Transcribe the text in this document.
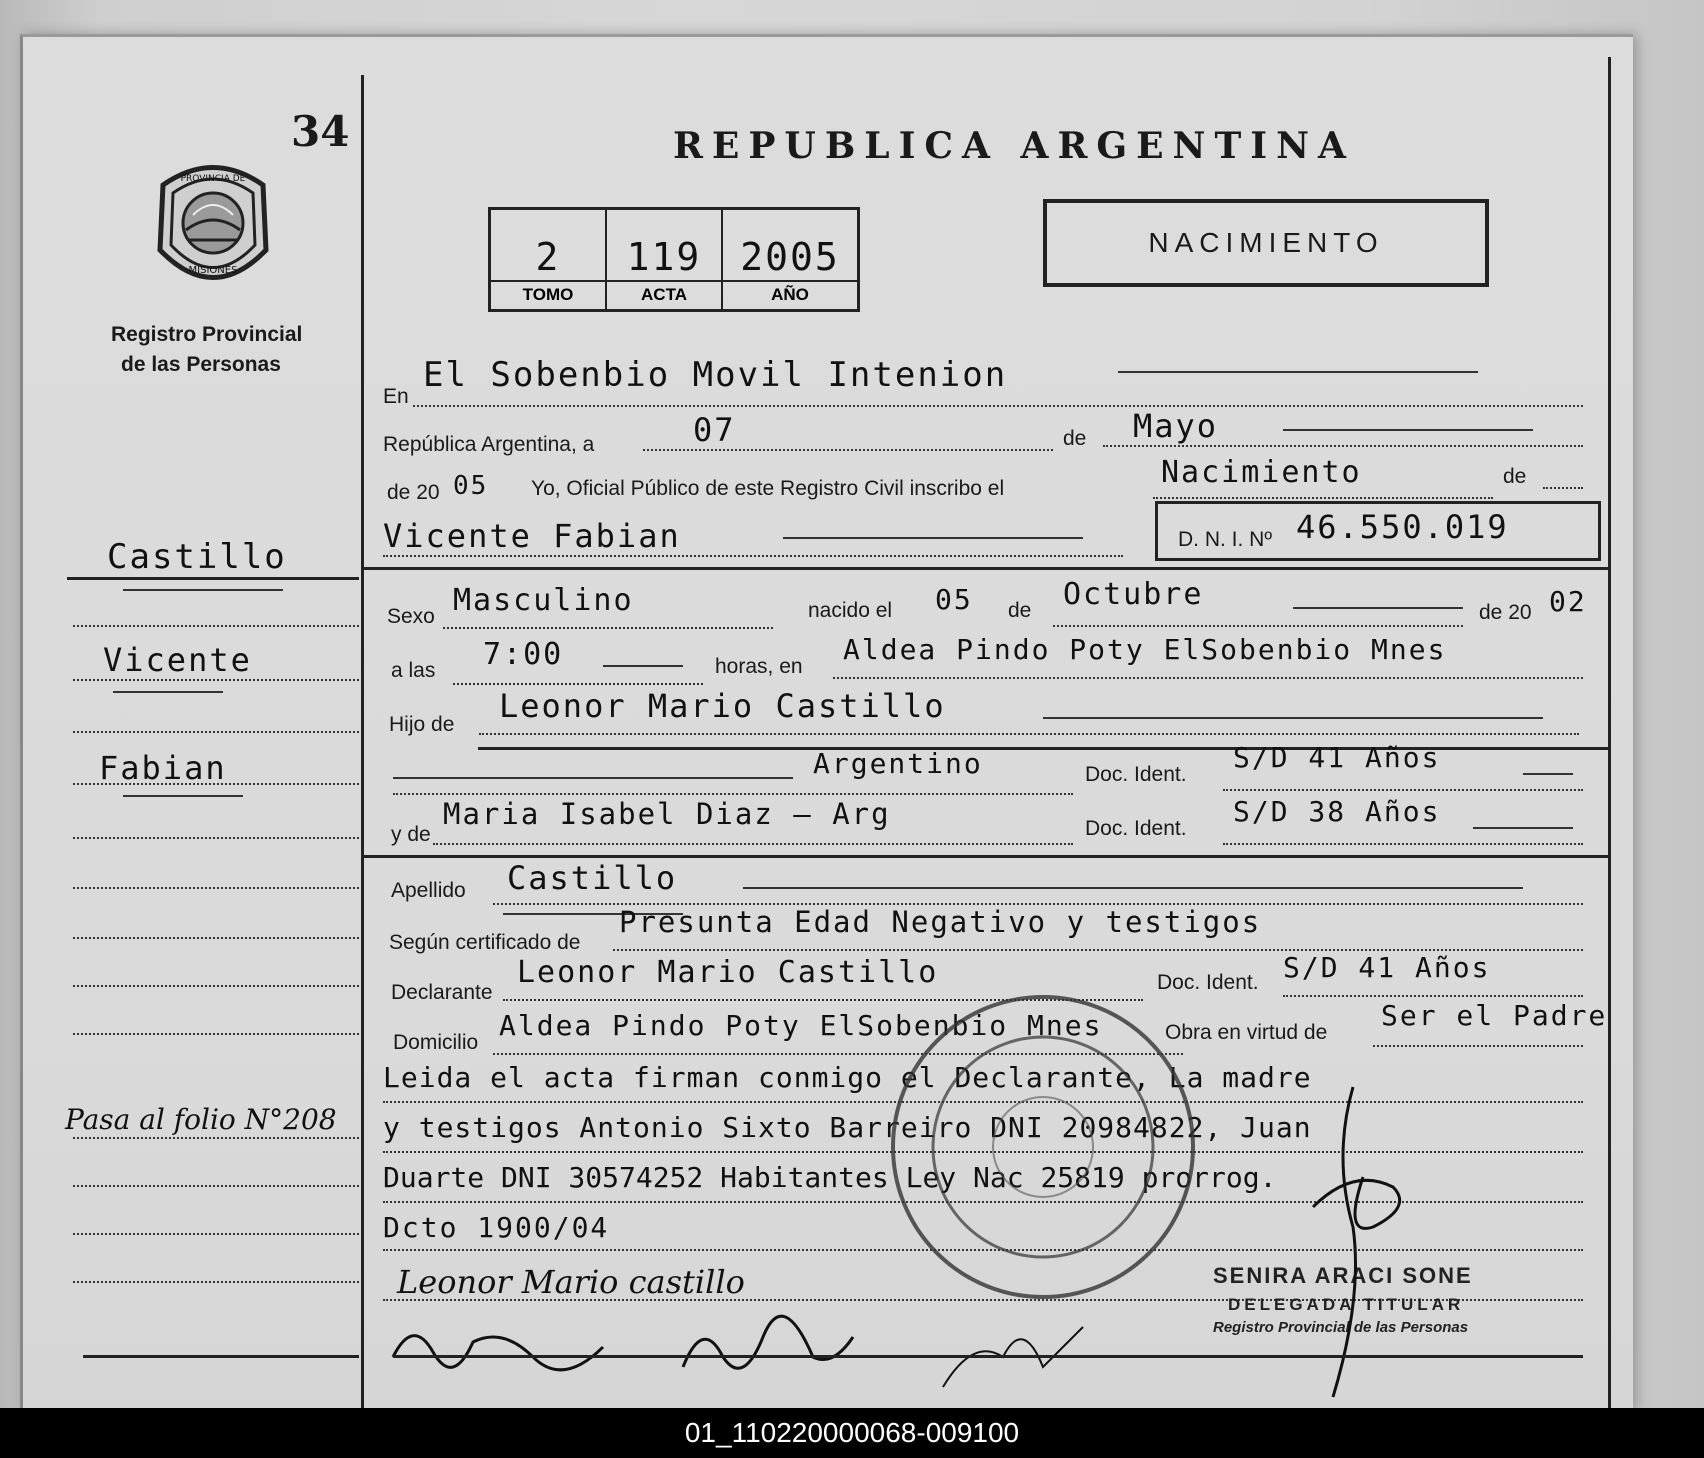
34
PROVINCIA DE
MISIONES
Registro Provincial
de las Personas
REPUBLICA ARGENTINA
2	119	2005
TOMO	ACTA	AÑO
NACIMIENTO
Castillo
Vicente
Fabian
Pasa al folio N°208
En
El Sobenbio Movil Intenion
República Argentina, a	07	de Mayo
de 20 05 Yo, Oficial Público de este Registro Civil inscribo el	Nacimiento	de
Vicente Fabian	D. N. I. Nº 46.550.019
Sexo Masculino	nacido el 05 de Octubre
de 20 02
a las 7:00	horas, en
Aldea Pindo Poty ElSobenbio Mnes
Hijo de Leonor Mario Castillo
Argentino	Doc. Ident.
S/D 41 Años
y de
Maria Isabel Diaz — Arg	Doc. Ident.
S/D 38 Años
Apellido Castillo
Según certificado de
Presunta Edad Negativo y testigos
Declarante
Leonor Mario Castillo	Doc. Ident. S/D 41 Años
Domicilio
Aldea Pindo Poty ElSobenbio Mnes	Obra en virtud de
Ser el Padre
Leida el acta firman conmigo el Declarante, La madre
y testigos Antonio Sixto Barreiro DNI 20984822, Juan
Duarte DNI 30574252 Habitantes Ley Nac 25819 prorrog.
Dcto 1900/04
Leonor Mario castillo	SENIRA ARACI SONE
DELEGADA TITULAR
Registro Provincial de las Personas
01_110220000068-009100
